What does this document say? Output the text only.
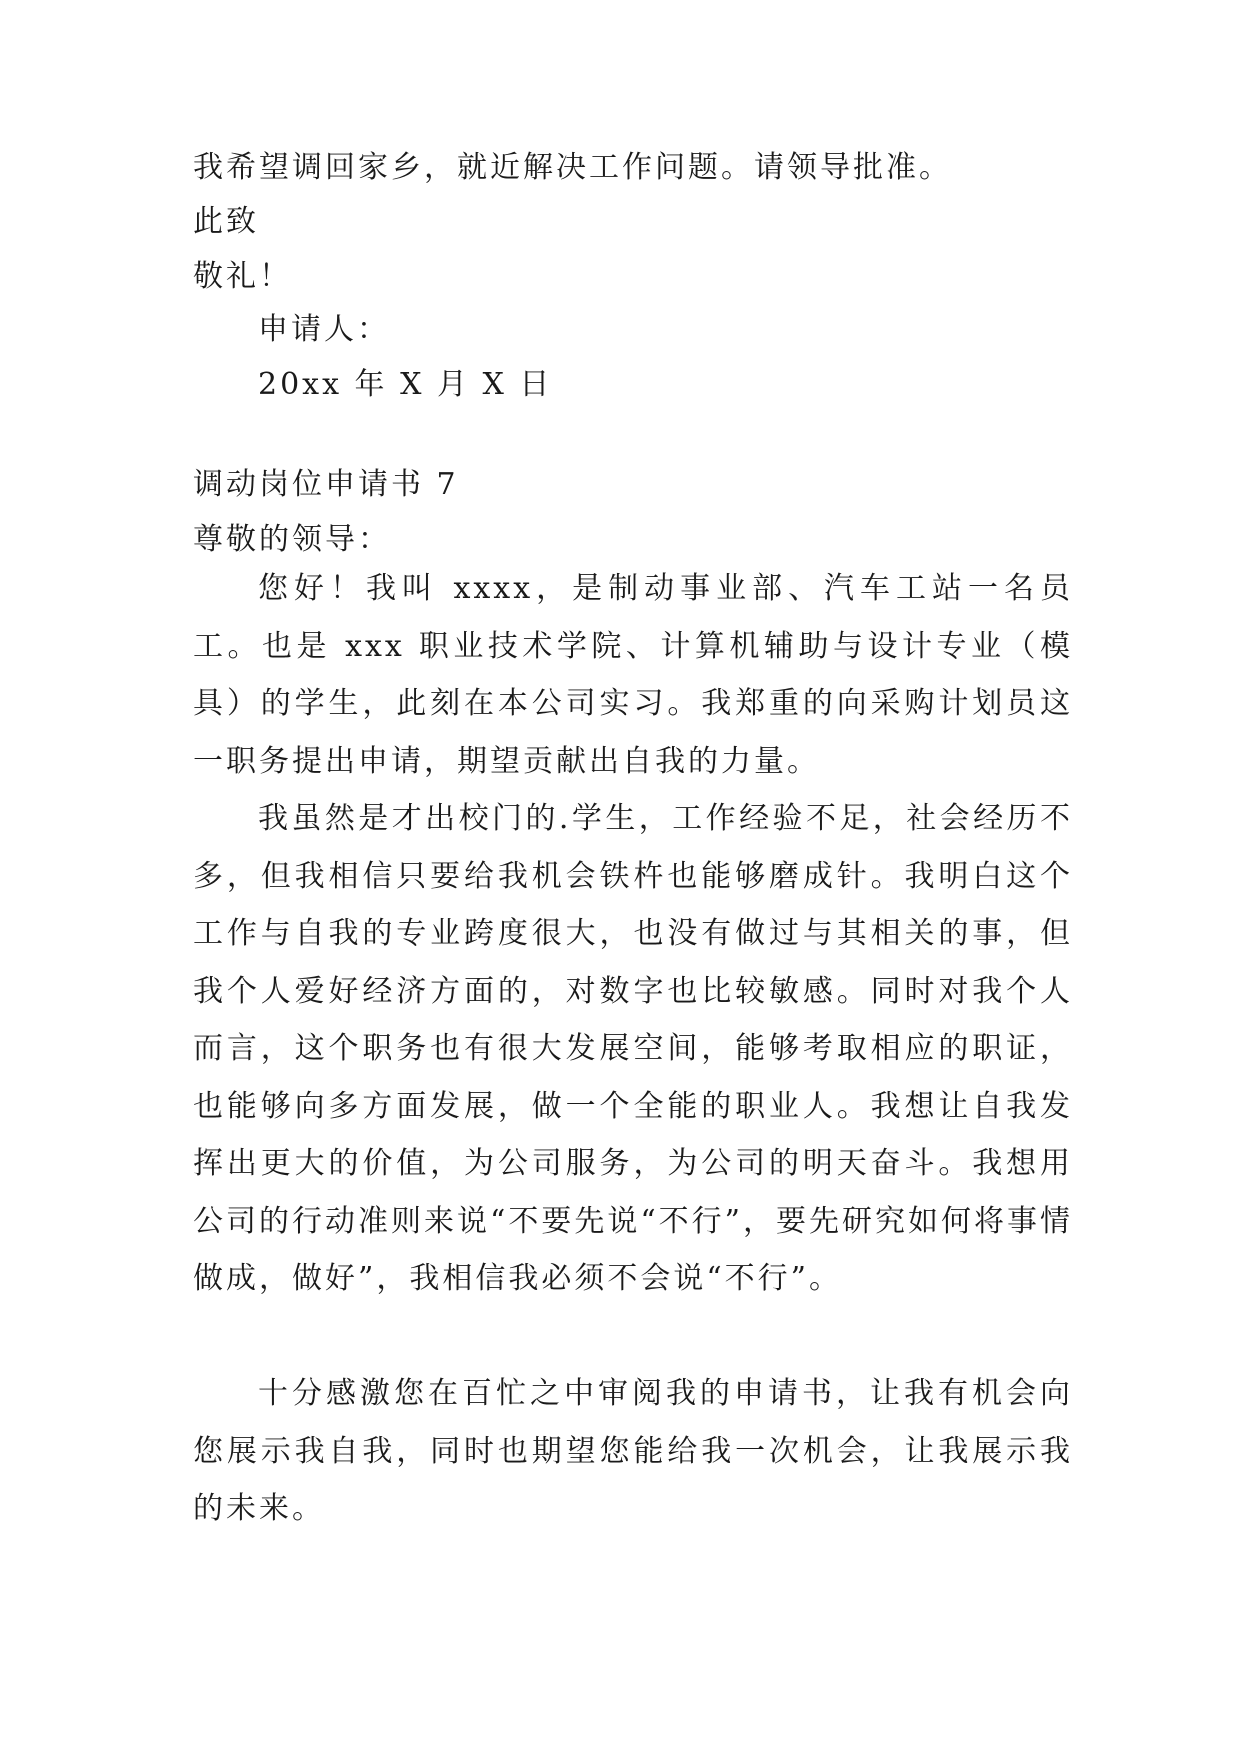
我希望调回家乡，就近解决工作问题。请领导批准。
此致
敬礼！
申请人：
20xx 年 X 月 X 日
调动岗位申请书 7
尊敬的领导：

您好！我叫 xxxx，是制动事业部、汽车工站一名员工。也是 xxx 职业技术学院、计算机辅助与设计专业（模具）的学生，此刻在本公司实习。我郑重的向采购计划员这一职务提出申请，期望贡献出自我的力量。

我虽然是才出校门的.学生，工作经验不足，社会经历不多，但我相信只要给我机会铁杵也能够磨成针。我明白这个工作与自我的专业跨度很大，也没有做过与其相关的事，但我个人爱好经济方面的，对数字也比较敏感。同时对我个人而言，这个职务也有很大发展空间，能够考取相应的职证，也能够向多方面发展，做一个全能的职业人。我想让自我发挥出更大的价值，为公司服务，为公司的明天奋斗。我想用公司的行动准则来说“不要先说“不行”，要先研究如何将事情做成，做好”，我相信我必须不会说“不行”。

十分感激您在百忙之中审阅我的申请书，让我有机会向您展示我自我，同时也期望您能给我一次机会，让我展示我的未来。
